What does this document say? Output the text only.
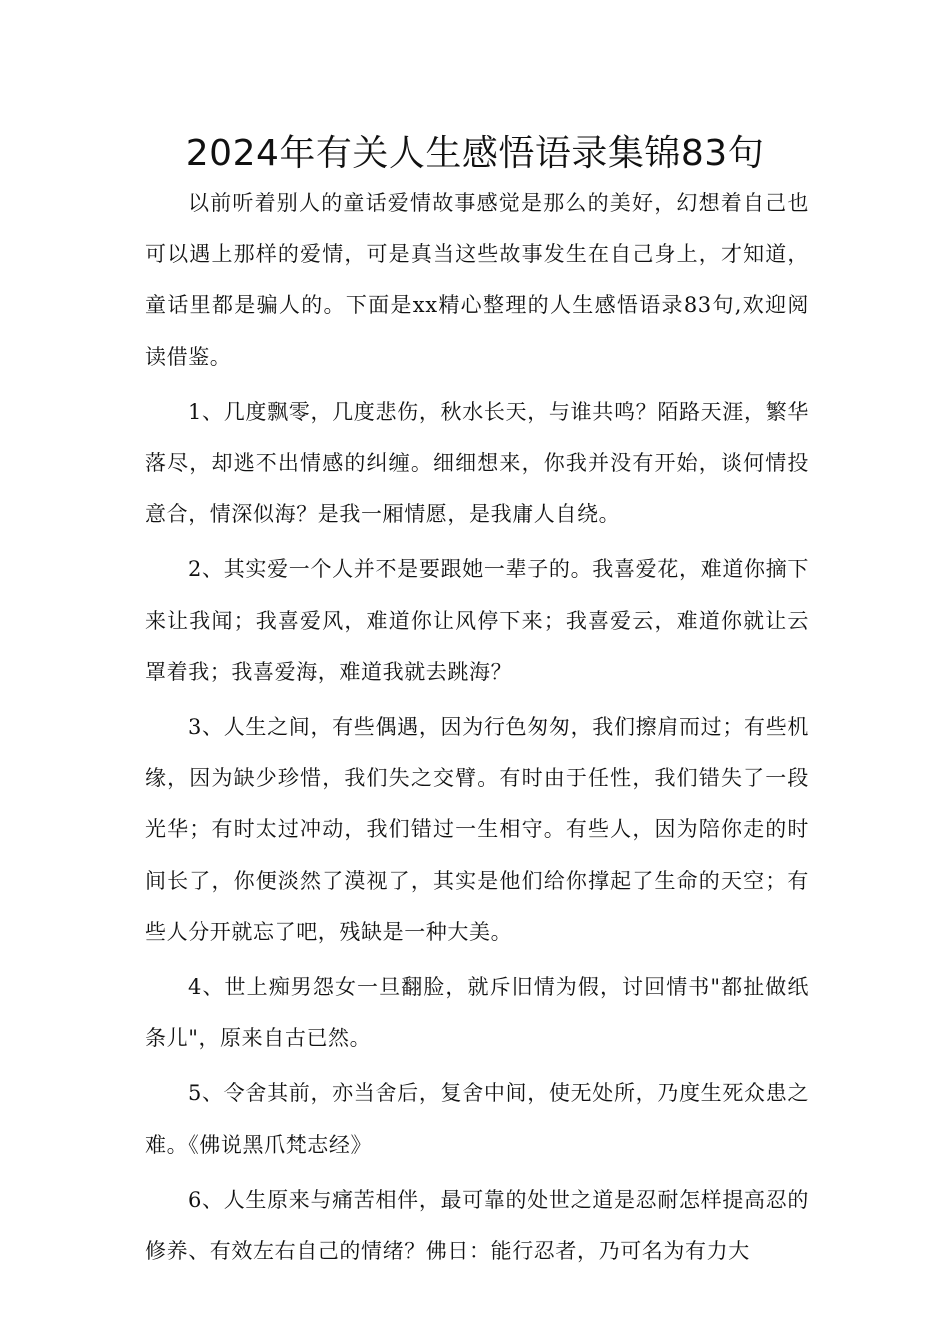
2024年有关人生感悟语录集锦83句

以前听着别人的童话爱情故事感觉是那么的美好，幻想着自己也可以遇上那样的爱情，可是真当这些故事发生在自己身上，才知道，童话里都是骗人的。下面是xx精心整理的人生感悟语录83句,欢迎阅读借鉴。

1、几度飘零，几度悲伤，秋水长天，与谁共鸣？陌路天涯，繁华落尽，却逃不出情感的纠缠。细细想来，你我并没有开始，谈何情投意合，情深似海？是我一厢情愿，是我庸人自绕。

2、其实爱一个人并不是要跟她一辈子的。我喜爱花，难道你摘下来让我闻；我喜爱风，难道你让风停下来；我喜爱云，难道你就让云罩着我；我喜爱海，难道我就去跳海？

3、人生之间，有些偶遇，因为行色匆匆，我们擦肩而过；有些机缘，因为缺少珍惜，我们失之交臂。有时由于任性，我们错失了一段光华；有时太过冲动，我们错过一生相守。有些人，因为陪你走的时间长了，你便淡然了漠视了，其实是他们给你撑起了生命的天空；有些人分开就忘了吧，残缺是一种大美。

4、世上痴男怨女一旦翻脸，就斥旧情为假，讨回情书"都扯做纸条儿"，原来自古已然。

5、令舍其前，亦当舍后，复舍中间，使无处所，乃度生死众患之难。《佛说黑爪梵志经》

6、人生原来与痛苦相伴，最可靠的处世之道是忍耐怎样提高忍的修养、有效左右自己的情绪？佛日：能行忍者，乃可名为有力大
